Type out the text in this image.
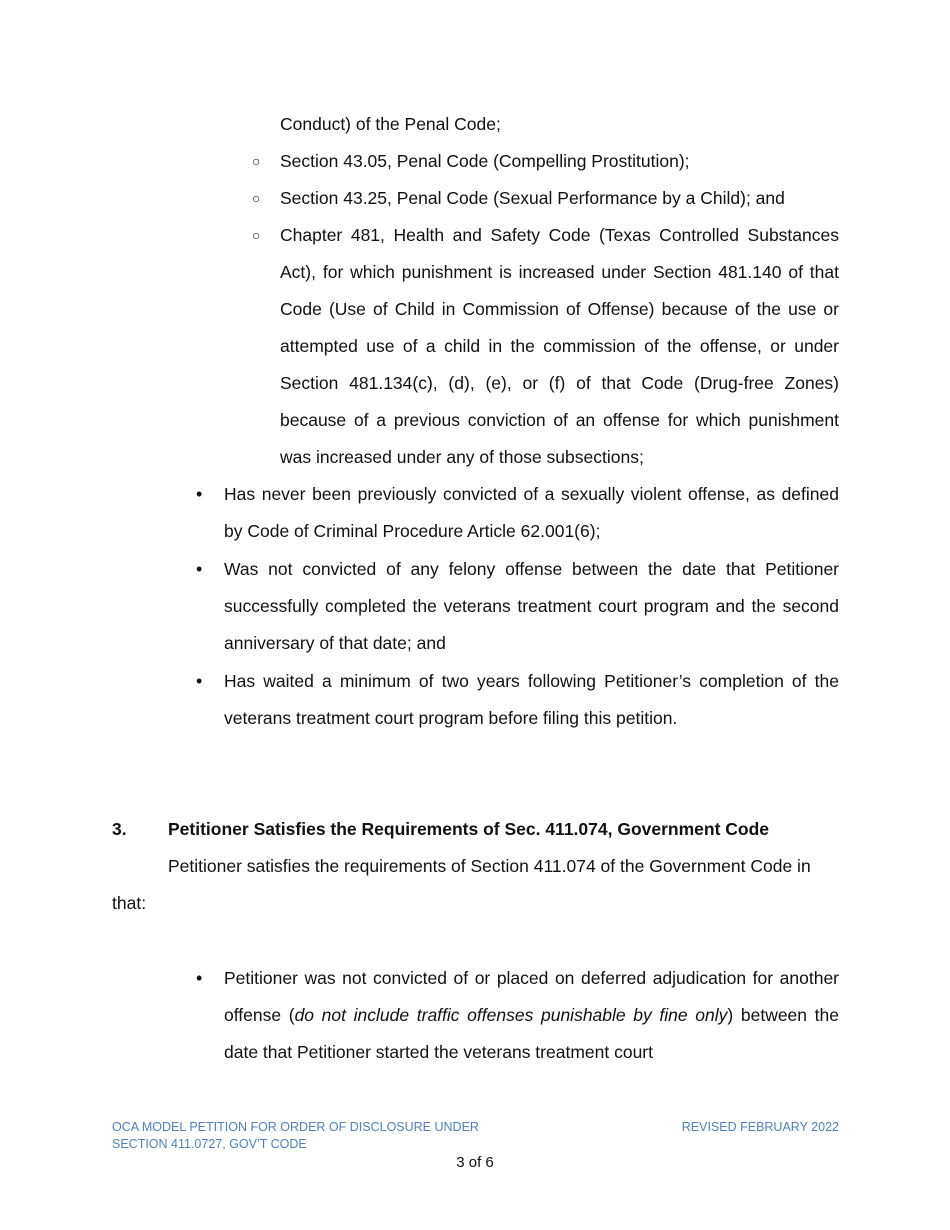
Conduct) of the Penal Code;
○ Section 43.05, Penal Code (Compelling Prostitution);
○ Section 43.25, Penal Code (Sexual Performance by a Child); and
○ Chapter 481, Health and Safety Code (Texas Controlled Substances Act), for which punishment is increased under Section 481.140 of that Code (Use of Child in Commission of Offense) because of the use or attempted use of a child in the commission of the offense, or under Section 481.134(c), (d), (e), or (f) of that Code (Drug-free Zones) because of a previous conviction of an offense for which punishment was increased under any of those subsections;
• Has never been previously convicted of a sexually violent offense, as defined by Code of Criminal Procedure Article 62.001(6);
• Was not convicted of any felony offense between the date that Petitioner successfully completed the veterans treatment court program and the second anniversary of that date; and
• Has waited a minimum of two years following Petitioner’s completion of the veterans treatment court program before filing this petition.
3. Petitioner Satisfies the Requirements of Sec. 411.074, Government Code
Petitioner satisfies the requirements of Section 411.074 of the Government Code in that:
• Petitioner was not convicted of or placed on deferred adjudication for another offense (do not include traffic offenses punishable by fine only) between the date that Petitioner started the veterans treatment court
OCA MODEL PETITION FOR ORDER OF DISCLOSURE UNDER
SECTION 411.0727, GOV’T CODE
REVISED FEBRUARY 2022
3 of 6
